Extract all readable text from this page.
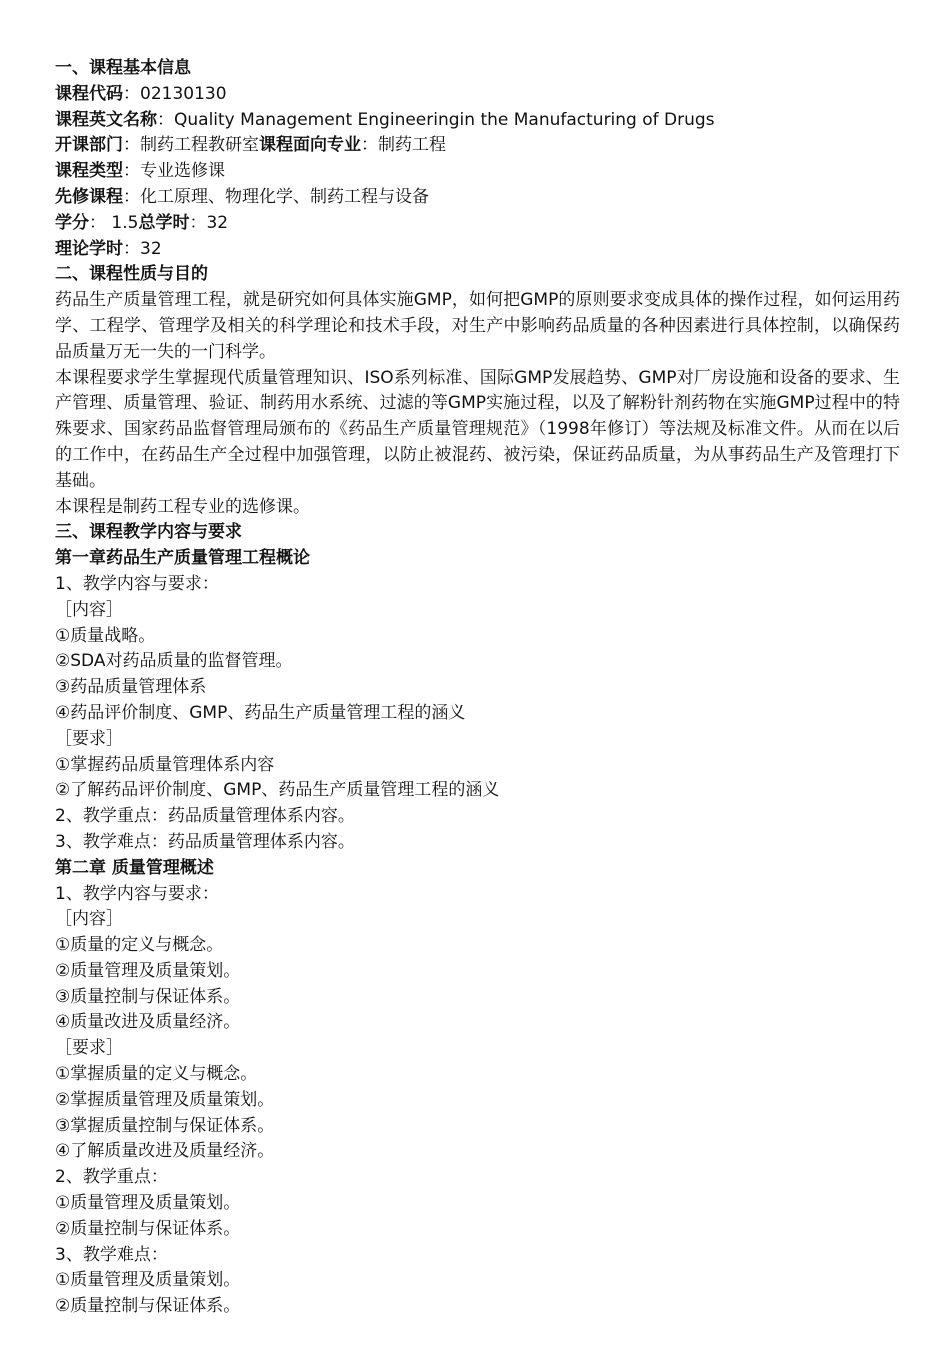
一、课程基本信息
课程代码：02130130
课程英文名称：Quality Management Engineeringin the Manufacturing of Drugs
开课部门：制药工程教研室课程面向专业：制药工程
课程类型：专业选修课
先修课程：化工原理、物理化学、制药工程与设备
学分： 1.5总学时：32
理论学时：32
二、课程性质与目的
药品生产质量管理工程，就是研究如何具体实施GMP，如何把GMP的原则要求变成具体的操作过程，如何运用药学、工程学、管理学及相关的科学理论和技术手段，对生产中影响药品质量的各种因素进行具体控制，以确保药品质量万无一失的一门科学。
本课程要求学生掌握现代质量管理知识、ISO系列标准、国际GMP发展趋势、GMP对厂房设施和设备的要求、生产管理、质量管理、验证、制药用水系统、过滤的等GMP实施过程，以及了解粉针剂药物在实施GMP过程中的特殊要求、国家药品监督管理局颁布的《药品生产质量管理规范》（1998年修订）等法规及标准文件。从而在以后的工作中，在药品生产全过程中加强管理，以防止被混药、被污染，保证药品质量，为从事药品生产及管理打下基础。
本课程是制药工程专业的选修课。
三、课程教学内容与要求
第一章药品生产质量管理工程概论
1、教学内容与要求：
［内容］
①质量战略。
②SDA对药品质量的监督管理。
③药品质量管理体系
④药品评价制度、GMP、药品生产质量管理工程的涵义
［要求］
①掌握药品质量管理体系内容
②了解药品评价制度、GMP、药品生产质量管理工程的涵义
2、教学重点：药品质量管理体系内容。
3、教学难点：药品质量管理体系内容。
第二章 质量管理概述
1、教学内容与要求：
［内容］
①质量的定义与概念。
②质量管理及质量策划。
③质量控制与保证体系。
④质量改进及质量经济。
［要求］
①掌握质量的定义与概念。
②掌握质量管理及质量策划。
③掌握质量控制与保证体系。
④了解质量改进及质量经济。
2、教学重点：
①质量管理及质量策划。
②质量控制与保证体系。
3、教学难点：
①质量管理及质量策划。
②质量控制与保证体系。
